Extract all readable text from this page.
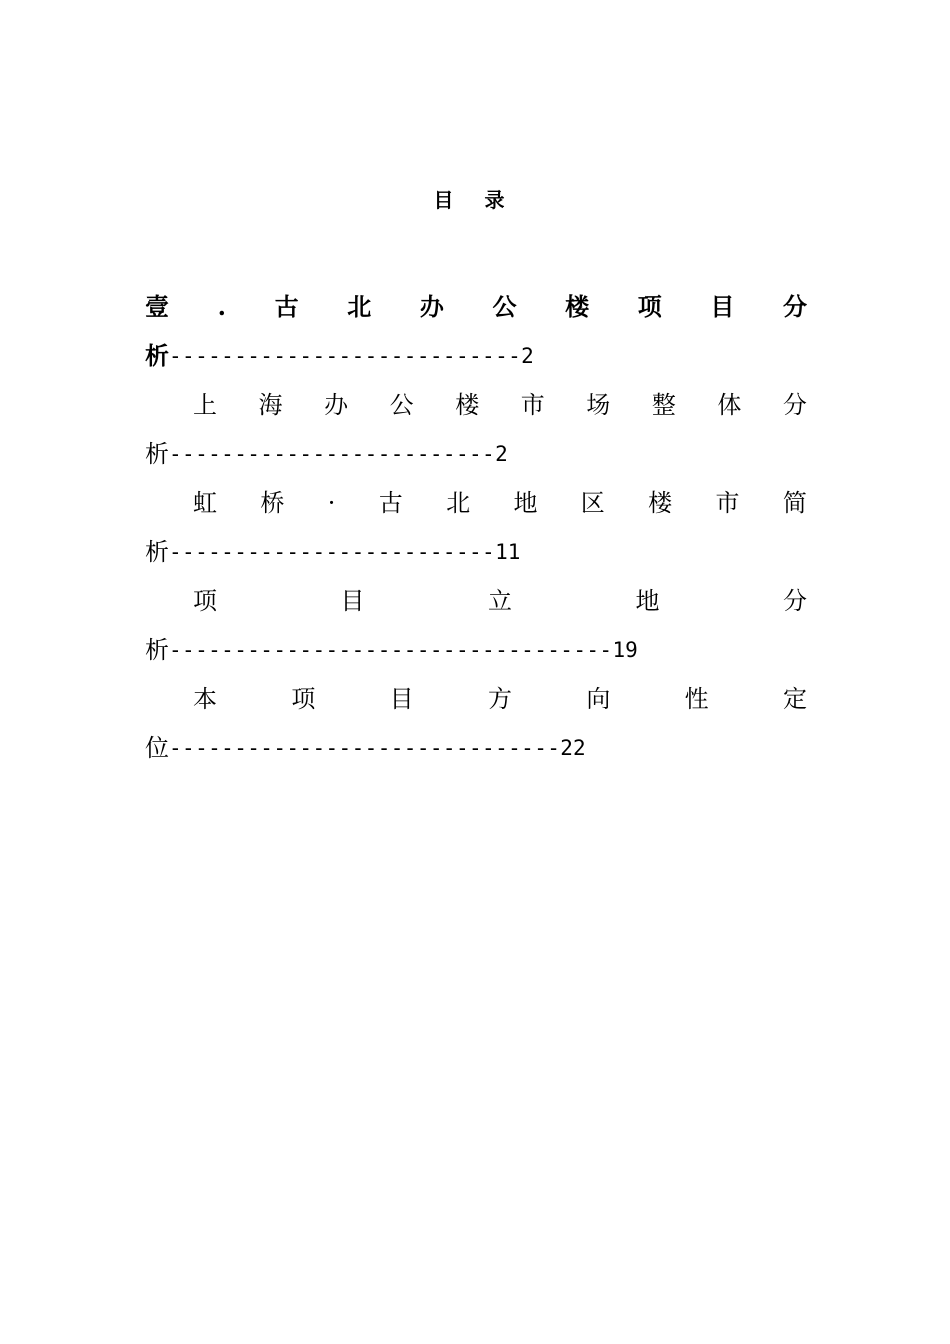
目 录
壹 . 古 北 办 公 楼 项 目 分
析 --------------------------- 2
上 海 办 公 楼 市 场 整 体 分
析 ------------------------- 2
虹 桥 · 古 北 地 区 楼 市 简
析 ------------------------- 11
项	目	立	地	分
析 ---------------------------------- 19
本	项	目	方	向	性	定
位 ------------------------------ 22
